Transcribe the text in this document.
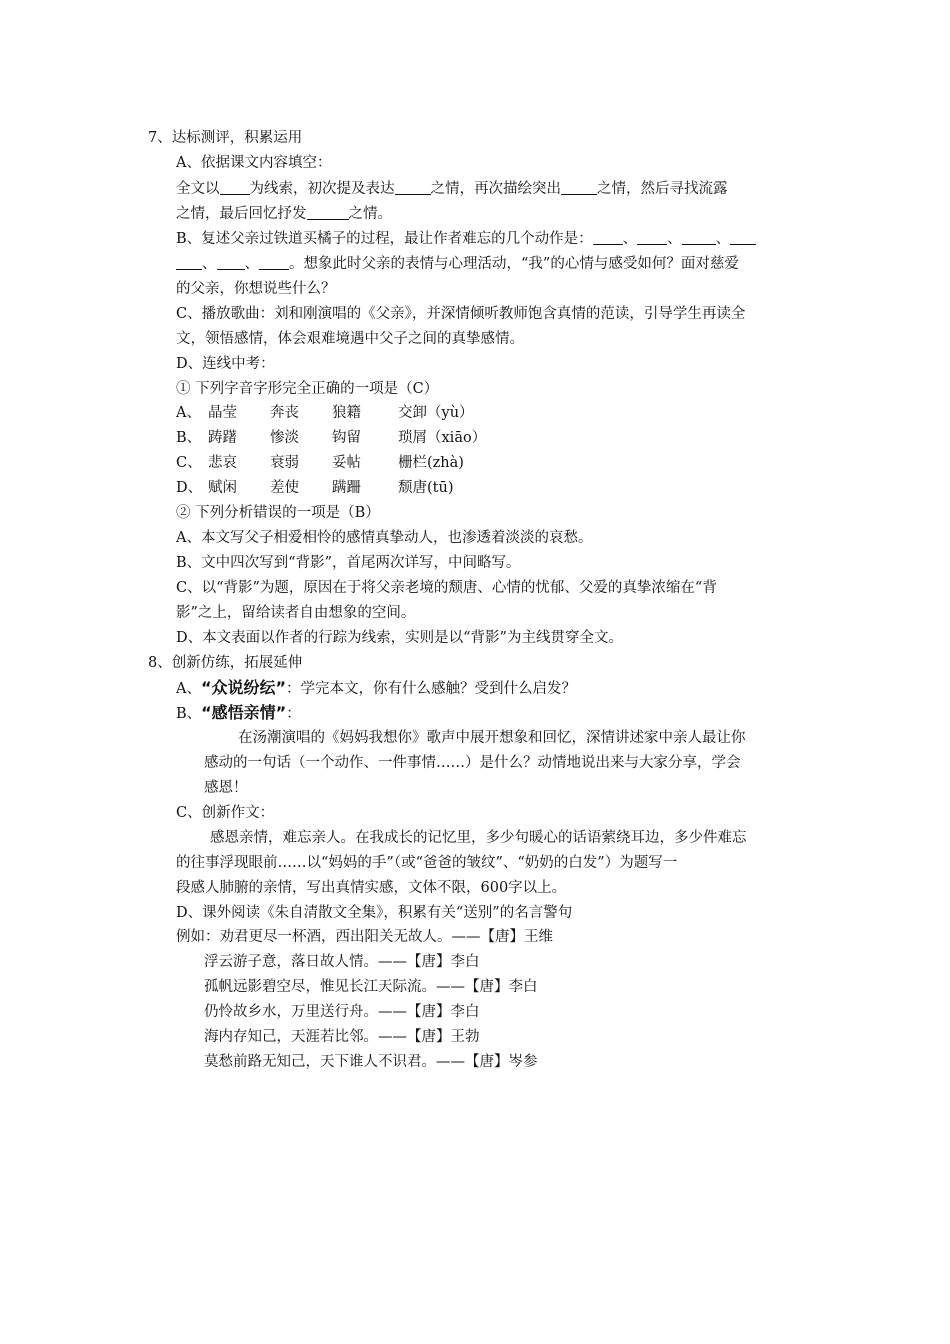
7、达标测评，积累运用
A、依据课文内容填空：
全文以 为线索，初次提及表达 之情，再次描绘突出 之情，然后寻找流露
之情，最后回忆抒发	之情。
B、复述父亲过铁道买橘子的过程，最让作者难忘的几个动作是： 、 、 、
、 、 。想象此时父亲的表情与心理活动，“我”的心情与感受如何？面对慈爱
的父亲，你想说些什么？
C、播放歌曲：刘和刚演唱的《父亲》，并深情倾听教师饱含真情的范读，引导学生再读全
文，领悟感情，体会艰难境遇中父子之间的真挚感情。
D、连线中考：
① 下列字音字形完全正确的一项是（C）
A、 晶莹 奔丧 狼籍	交卸（yù）
B、 踌躇 惨淡 钩留	琐屑（xiāo）
C、 悲哀 衰弱 妥帖	栅栏(zhà)
D、 赋闲 差使 蹒跚	颓唐(tū)
② 下列分析错误的一项是（B）
A、本文写父子相爱相怜的感情真挚动人，也渗透着淡淡的哀愁。
B、文中四次写到“背影”，首尾两次详写，中间略写。
C、以“背影”为题，原因在于将父亲老境的颓唐、心情的忧郁、父爱的真挚浓缩在“背
影”之上，留给读者自由想象的空间。
D、本文表面以作者的行踪为线索，实则是以“背影”为主线贯穿全文。
8、创新仿练，拓展延伸
A、“众说纷纭”：学完本文，你有什么感触？受到什么启发？
B、“感悟亲情”：
在汤潮演唱的《妈妈我想你》歌声中展开想象和回忆，深情讲述家中亲人最让你
感动的一句话（一个动作、一件事情……）是什么？动情地说出来与大家分享，学会
感恩！
C、创新作文：
感恩亲情，难忘亲人。在我成长的记忆里，多少句暖心的话语萦绕耳边，多少件难忘
的往事浮现眼前……以“妈妈的手”（或“爸爸的皱纹”、“奶奶的白发”）为题写一
段感人肺腑的亲情，写出真情实感，文体不限，600字以上。
D、课外阅读《朱自清散文全集》，积累有关“送别”的名言警句
例如：劝君更尽一杯酒，西出阳关无故人。——【唐】王维
浮云游子意，落日故人情。——【唐】李白
孤帆远影碧空尽，惟见长江天际流。——【唐】李白
仍怜故乡水，万里送行舟。——【唐】李白
海内存知己，天涯若比邻。——【唐】王勃
莫愁前路无知己，天下谁人不识君。——【唐】岑参
